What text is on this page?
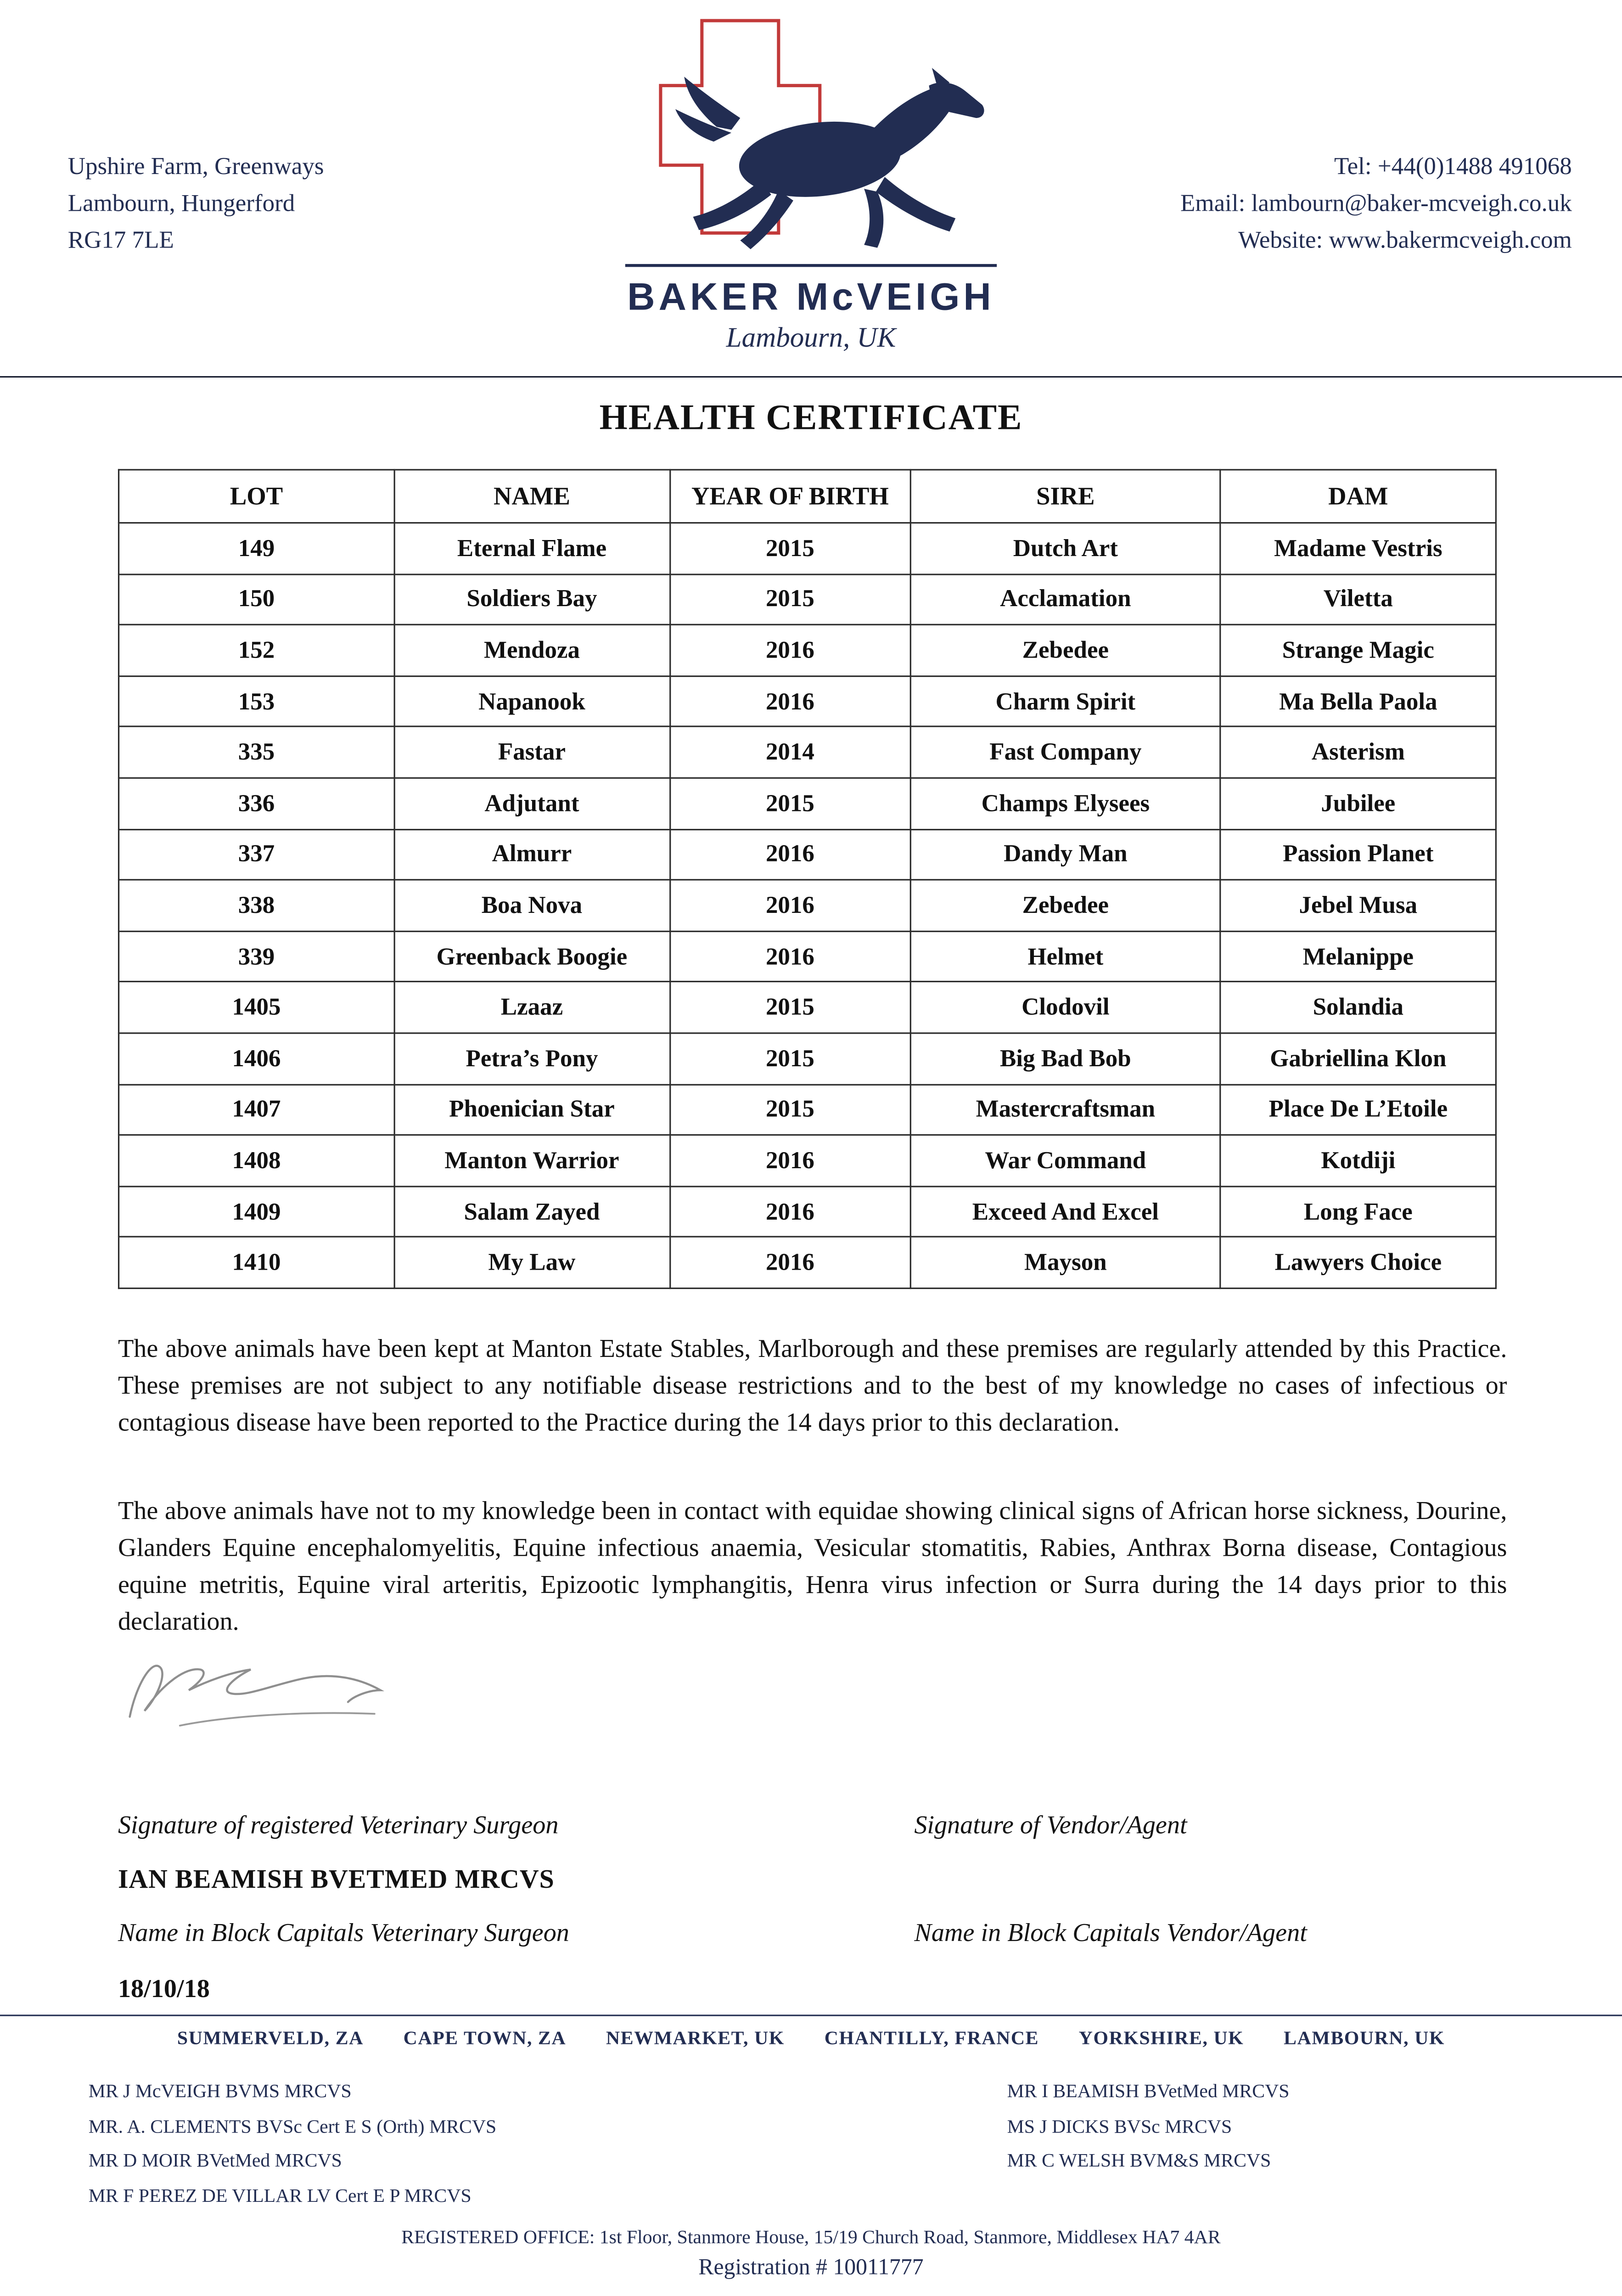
Upshire Farm, Greenways
Lambourn, Hungerford
RG17 7LE
Tel: +44(0)1488 491068
Email: lambourn@baker-mcveigh.co.uk
Website: www.bakermcveigh.com
BAKER McVEIGH
Lambourn, UK
HEALTH CERTIFICATE
LOT	NAME	YEAR OF BIRTH	SIRE	DAM
149	Eternal Flame	2015	Dutch Art	Madame Vestris
150	Soldiers Bay	2015	Acclamation	Viletta
152	Mendoza	2016	Zebedee	Strange Magic
153	Napanook	2016	Charm Spirit	Ma Bella Paola
335	Fastar	2014	Fast Company	Asterism
336	Adjutant	2015	Champs Elysees	Jubilee
337	Almurr	2016	Dandy Man	Passion Planet
338	Boa Nova	2016	Zebedee	Jebel Musa
339	Greenback Boogie	2016	Helmet	Melanippe
1405	Lzaaz	2015	Clodovil	Solandia
1406	Petra’s Pony	2015	Big Bad Bob	Gabriellina Klon
1407	Phoenician Star	2015	Mastercraftsman	Place De L’Etoile
1408	Manton Warrior	2016	War Command	Kotdiji
1409	Salam Zayed	2016	Exceed And Excel	Long Face
1410	My Law	2016	Mayson	Lawyers Choice

The above animals have been kept at Manton Estate Stables, Marlborough and these premises are regularly attended by this Practice. These premises are not subject to any notifiable disease restrictions and to the best of my knowledge no cases of infectious or contagious disease have been reported to the Practice during the 14 days prior to this declaration.

The above animals have not to my knowledge been in contact with equidae showing clinical signs of African horse sickness, Dourine, Glanders Equine encephalomyelitis, Equine infectious anaemia, Vesicular stomatitis, Rabies, Anthrax Borna disease, Contagious equine metritis, Equine viral arteritis, Epizootic lymphangitis, Henra virus infection or Surra during the 14 days prior to this declaration.

Signature of registered Veterinary Surgeon	Signature of Vendor/Agent
IAN BEAMISH BVETMED MRCVS
Name in Block Capitals Veterinary Surgeon	Name in Block Capitals Vendor/Agent
18/10/18
SUMMERVELD, ZA	CAPE TOWN, ZA	NEWMARKET, UK	CHANTILLY, FRANCE	YORKSHIRE, UK	LAMBOURN, UK
MR J McVEIGH BVMS MRCVS
MR. A. CLEMENTS BVSc Cert E S (Orth) MRCVS
MR D MOIR BVetMed MRCVS
MR F PEREZ DE VILLAR LV Cert E P MRCVS
MR I BEAMISH BVetMed MRCVS
MS J DICKS BVSc MRCVS
MR C WELSH BVM&S MRCVS
REGISTERED OFFICE: 1st Floor, Stanmore House, 15/19 Church Road, Stanmore, Middlesex HA7 4AR
Registration # 10011777
